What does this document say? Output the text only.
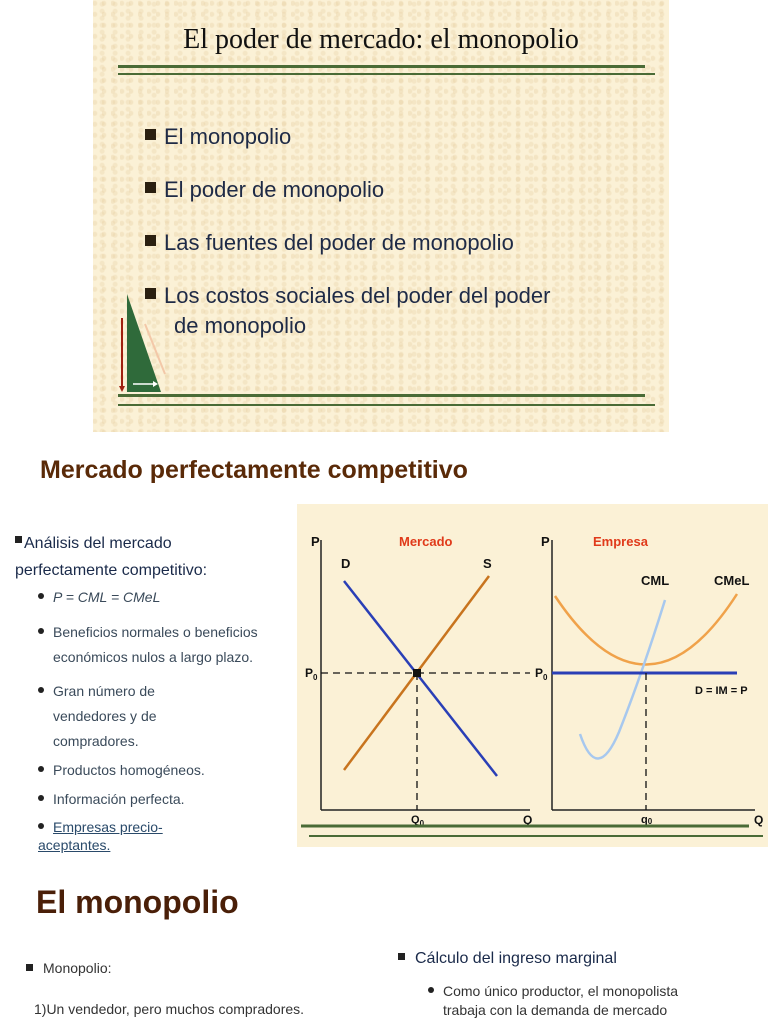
El poder de mercado: el monopolio
El monopolio
El poder de monopolio
Las fuentes del poder de monopolio
Los costos sociales del poder del poder
de monopolio
Mercado perfectamente competitivo
Análisis del mercado
perfectamente competitivo:
P = CML = CMeL
Beneficios normales o beneficios
económicos nulos a largo plazo.
Gran número de
vendedores y de
compradores.
Productos homogéneos.
Información perfecta.
Empresas precio-
aceptantes.
P	P
Mercado	Empresa
D	S
CML	CMeL
D = IM = P
$P_0$	$P_0$
$Q_0$	q0
Q	Q
El monopolio
Monopolio:
1)Un vendedor, pero muchos compradores.
Cálculo del ingreso marginal
Como único productor, el monopolista
trabaja con la demanda de mercado
